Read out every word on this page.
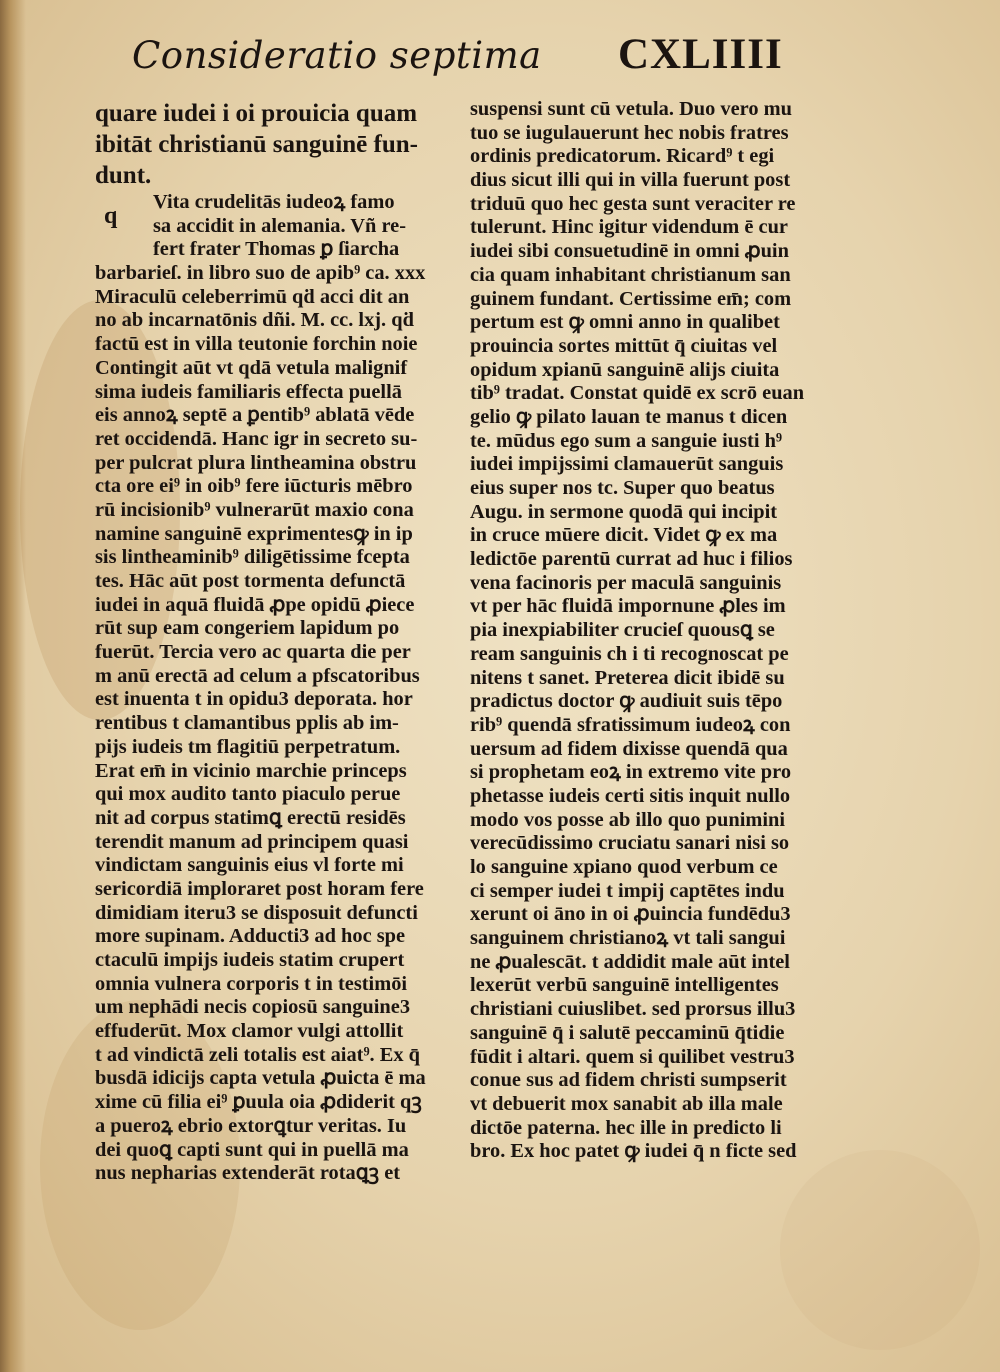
Consideratio septima CXLIIII
q
quare iudei i oi prouicia quam
ibitāt christianū sanguinē fun-
dunt.
Vita crudelitās iudeoꝝ famo
sa accidit in alemania. Vñ re-
fert frater Thomas ꝑ ſiarcha
barbarieſ. in libro suo de apib⁹ ca. xxx
Miraculū celeberrimū qḋ acci dit an
no ab incarnatōnis dñi. M. cc. lxj. qḋ
factū est in villa teutonie forchin noie
Contingit aūt vt qdā vetula malignif
sima iudeis familiaris effecta puellā
eis annoꝝ septē a ꝑentib⁹ ablatā vēde
ret occidendā. Hanc igr in secreto su-
per pulcrat plura lintheamina obstru
cta ore ei⁹ in oib⁹ fere iūcturis mēbro
rū incisionib⁹ vulnerarūt maxio cona
namine sanguinē exprimentesꝙ in ip
sis lintheaminib⁹ diligētissime fcepta
tes. Hāc aūt post tormenta defunctā
iudei in aquā fluidā ꝓpe opidū ꝓiece
rūt sup eam congeriem lapidum po
fuerūt. Tercia vero ac quarta die per
m anū erectā ad celum a pfscatoribus
est inuenta t in opidu3 deporata. hor
rentibus t clamantibus pplis ab im-
pijs iudeis tm flagitiū perpetratum.
Erat em̄ in vicinio marchie princeps
qui mox audito tanto piaculo perue
nit ad corpus statimꝗ erectū residēs
terendit manum ad principem quasi
vindictam sanguinis eius vl forte mi
sericordiā imploraret post horam fere
dimidiam iteru3 se disposuit defuncti
more supinam. Adducti3 ad hoc spe
ctaculū impijs iudeis statim crupert
omnia vulnera corporis t in testimōi
um nephādi necis copiosū sanguine3
effuderūt. Mox clamor vulgi attollit
t ad vindictā zeli totalis est aiat⁹. Ex q̄
busdā idicijs capta vetula ꝓuicta ē ma
xime cū filia ei⁹ ꝑuula oia ꝓdiderit qꝫ
a pueroꝝ ebrio extorꝗtur veritas. Iu
dei quoꝗ capti sunt qui in puellā ma
nus nepharias extenderāt rotaꝗꝫ et
suspensi sunt cū vetula. Duo vero mu
tuo se iugulauerunt hec nobis fratres
ordinis predicatorum. Ricard⁹ t egi
dius sicut illi qui in villa fuerunt post
triduū quo hec gesta sunt veraciter re
tulerunt. Hinc igitur videndum ē cur
iudei sibi consuetudinē in omni ꝓuin
cia quam inhabitant christianum san
guinem fundant. Certissime em̄; com
pertum est ꝙ omni anno in qualibet
prouincia sortes mittūt q̄ ciuitas vel
opidum xpianū sanguinē alijs ciuita
tib⁹ tradat. Constat quidē ex scrō euan
gelio ꝙ pilato lauan te manus t dicen
te. mūdus ego sum a sanguie iusti h⁹
iudei impijssimi clamauerūt sanguis
eius super nos tc. Super quo beatus
Augu. in sermone quodā qui incipit
in cruce mūere dicit. Videt ꝙ ex ma
ledictōe parentū currat ad huc i filios
vena facinoris per maculā sanguinis
vt per hāc fluidā impornune ꝓles im
pia inexpiabiliter crucieſ quousꝗ se
ream sanguinis ch i ti recognoscat pe
nitens t sanet. Preterea dicit ibidē su
pradictus doctor ꝙ audiuit suis tēpo
rib⁹ quendā sfratissimum iudeoꝝ con
uersum ad fidem dixisse quendā qua
si prophetam eoꝝ in extremo vite pro
phetasse iudeis certi sitis inquit nullo
modo vos posse ab illo quo punimini
verecūdissimo cruciatu sanari nisi so
lo sanguine xpiano quod verbum ce
ci semper iudei t impij captētes indu
xerunt oi āno in oi ꝓuincia fundēdu3
sanguinem christianoꝝ vt tali sangui
ne ꝓualescāt. t addidit male aūt intel
lexerūt verbū sanguinē intelligentes
christiani cuiuslibet. sed prorsus illu3
sanguinē q̄ i salutē peccaminū q̄tidie
fūdit i altari. quem si quilibet vestru3
conue sus ad fidem christi sumpserit
vt debuerit mox sanabit ab illa male
dictōe paterna. hec ille in predicto li
bro. Ex hoc patet ꝙ iudei q̄ n ficte sed
